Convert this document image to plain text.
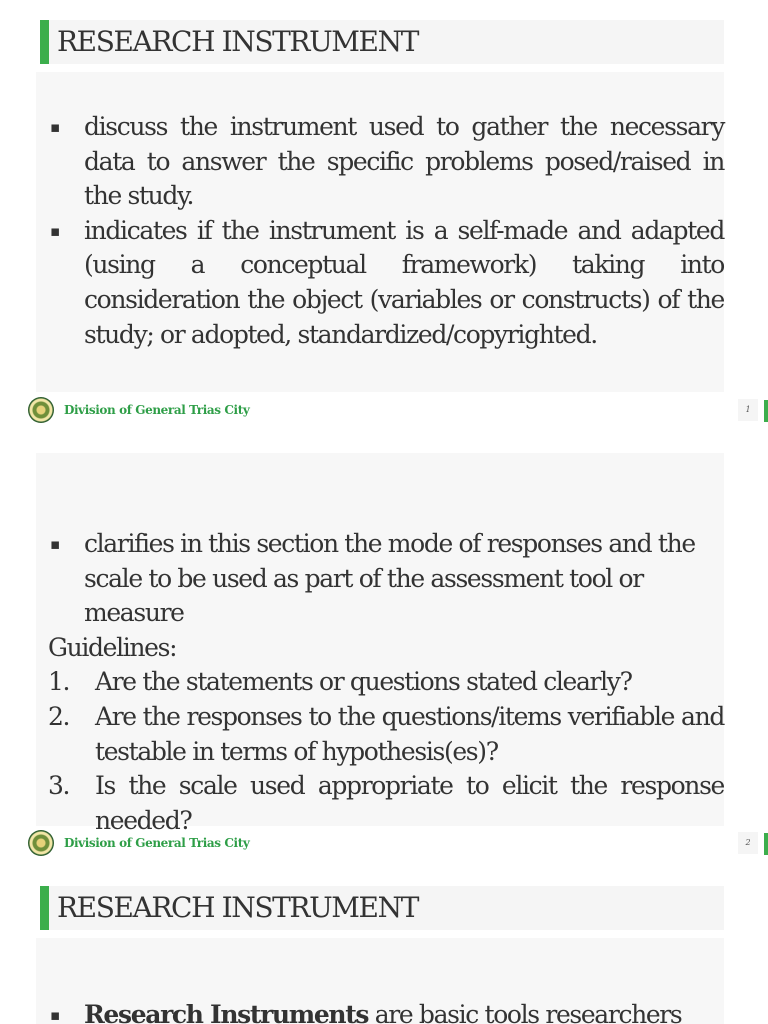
RESEARCH INSTRUMENT
▪ discuss the instrument used to gather the necessary data to answer the specific problems posed/raised in the study.
▪ indicates if the instrument is a self-made and adapted (using a conceptual framework) taking into consideration the object (variables or constructs) of the study; or adopted, standardized/copyrighted.
Division of General Trias City	1
▪ clarifies in this section the mode of responses and the scale to be used as part of the assessment tool or measure
Guidelines:
1. Are the statements or questions stated clearly?
2. Are the responses to the questions/items verifiable and testable in terms of hypothesis(es)?
3. Is the scale used appropriate to elicit the response needed?
Division of General Trias City	2
RESEARCH INSTRUMENT
▪ Research Instruments are basic tools researchers
